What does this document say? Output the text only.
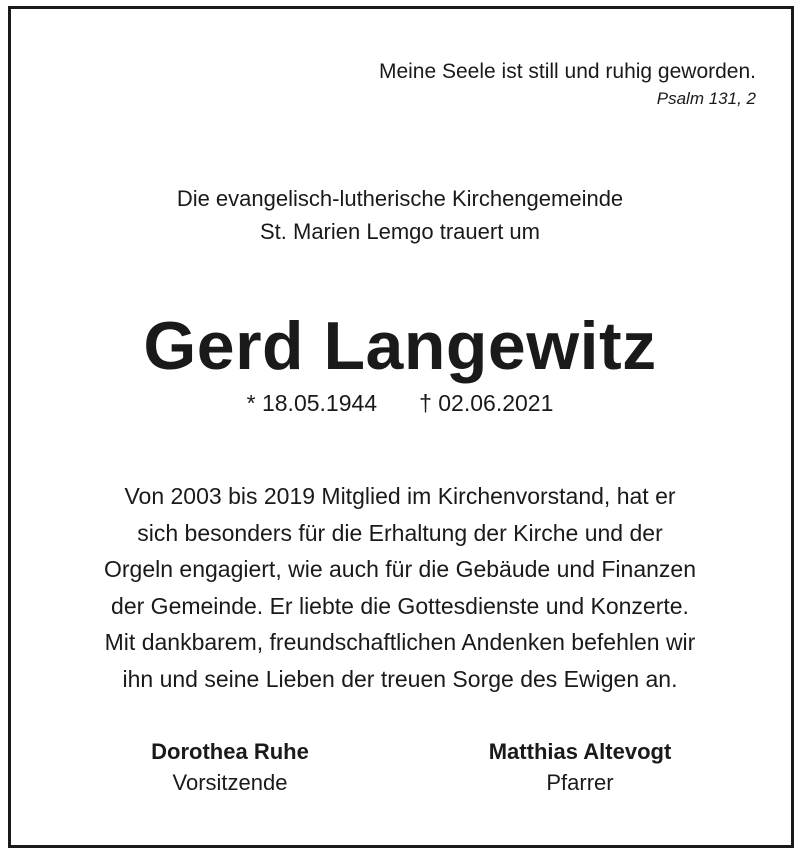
Meine Seele ist still und ruhig geworden.
Psalm 131, 2
Die evangelisch-lutherische Kirchengemeinde
St. Marien Lemgo trauert um
Gerd Langewitz
* 18.05.1944 † 02.06.2021
Von 2003 bis 2019 Mitglied im Kirchenvorstand, hat er
sich besonders für die Erhaltung der Kirche und der
Orgeln engagiert, wie auch für die Gebäude und Finanzen
der Gemeinde. Er liebte die Gottesdienste und Konzerte.
Mit dankbarem, freundschaftlichen Andenken befehlen wir
ihn und seine Lieben der treuen Sorge des Ewigen an.
Dorothea Ruhe
Vorsitzende
Matthias Altevogt
Pfarrer
